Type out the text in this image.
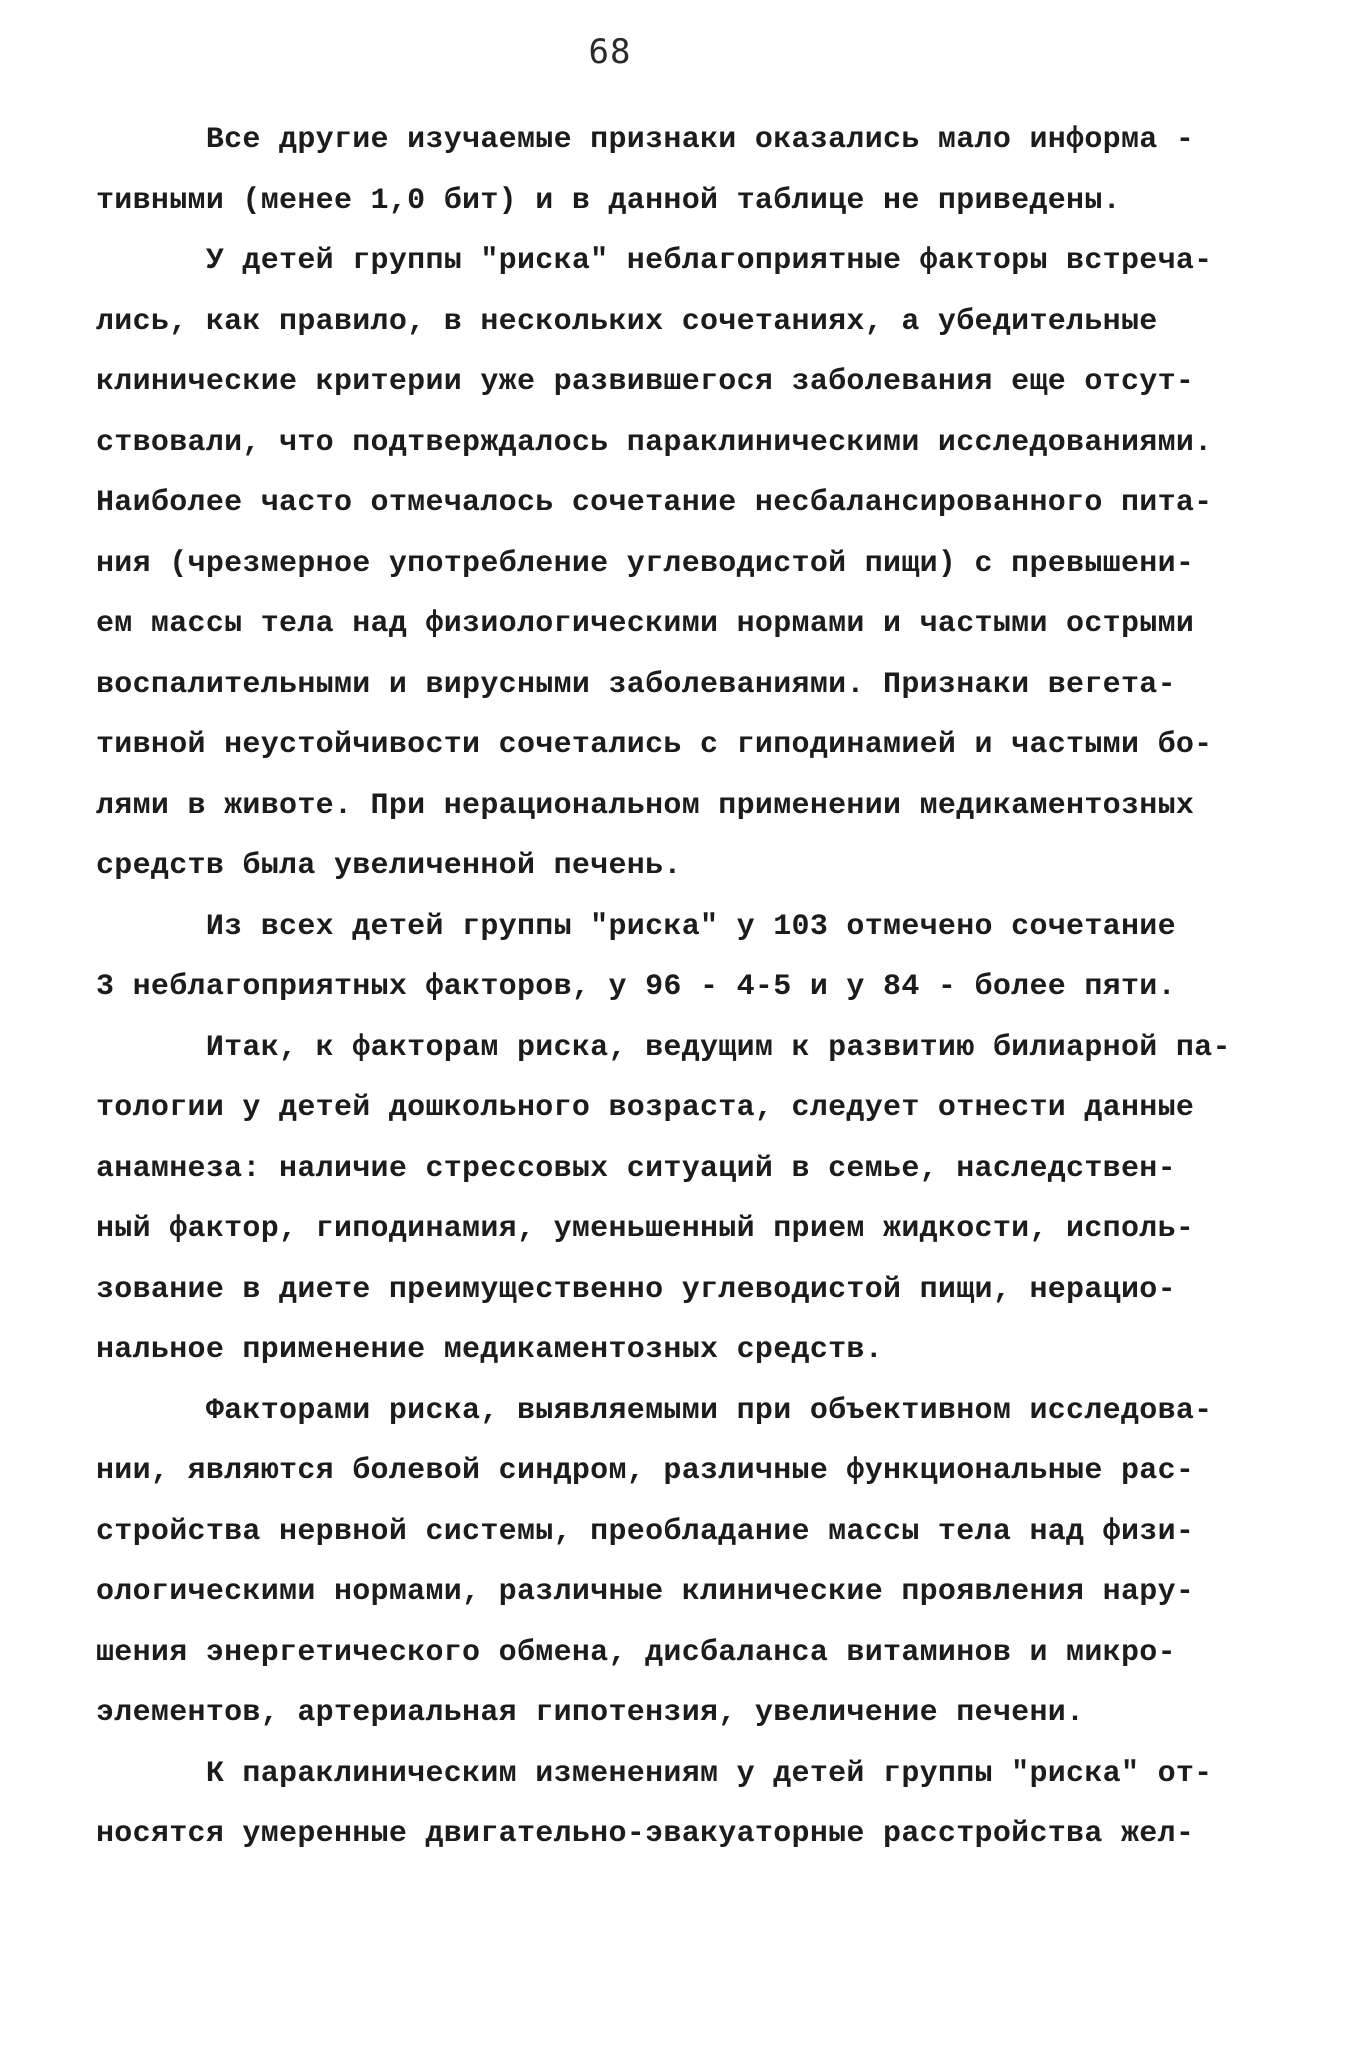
68
Все другие изучаемые признаки оказались мало информа -
тивными (менее 1,0 бит) и в данной таблице не приведены.
У детей группы "риска" неблагоприятные факторы встреча-
лись, как правило, в нескольких сочетаниях, а убедительные
клинические критерии уже развившегося заболевания еще отсут-
ствовали, что подтверждалось параклиническими исследованиями.
Наиболее часто отмечалось сочетание несбалансированного пита-
ния (чрезмерное употребление углеводистой пищи) с превышени-
ем массы тела над физиологическими нормами и частыми острыми
воспалительными и вирусными заболеваниями. Признаки вегета-
тивной неустойчивости сочетались с гиподинамией и частыми бо-
лями в животе. При нерациональном применении медикаментозных
средств была увеличенной печень.
Из всех детей группы "риска" у 103 отмечено сочетание
3 неблагоприятных факторов, у 96 - 4-5 и у 84 - более пяти.
Итак, к факторам риска, ведущим к развитию билиарной па-
тологии у детей дошкольного возраста, следует отнести данные
анамнеза: наличие стрессовых ситуаций в семье, наследствен-
ный фактор, гиподинамия, уменьшенный прием жидкости, исполь-
зование в диете преимущественно углеводистой пищи, нерацио-
нальное применение медикаментозных средств.
Факторами риска, выявляемыми при объективном исследова-
нии, являются болевой синдром, различные функциональные рас-
стройства нервной системы, преобладание массы тела над физи-
ологическими нормами, различные клинические проявления нару-
шения энергетического обмена, дисбаланса витаминов и микро-
элементов, артериальная гипотензия, увеличение печени.
К параклиническим изменениям у детей группы "риска" от-
носятся умеренные двигательно-эвакуаторные расстройства жел-
